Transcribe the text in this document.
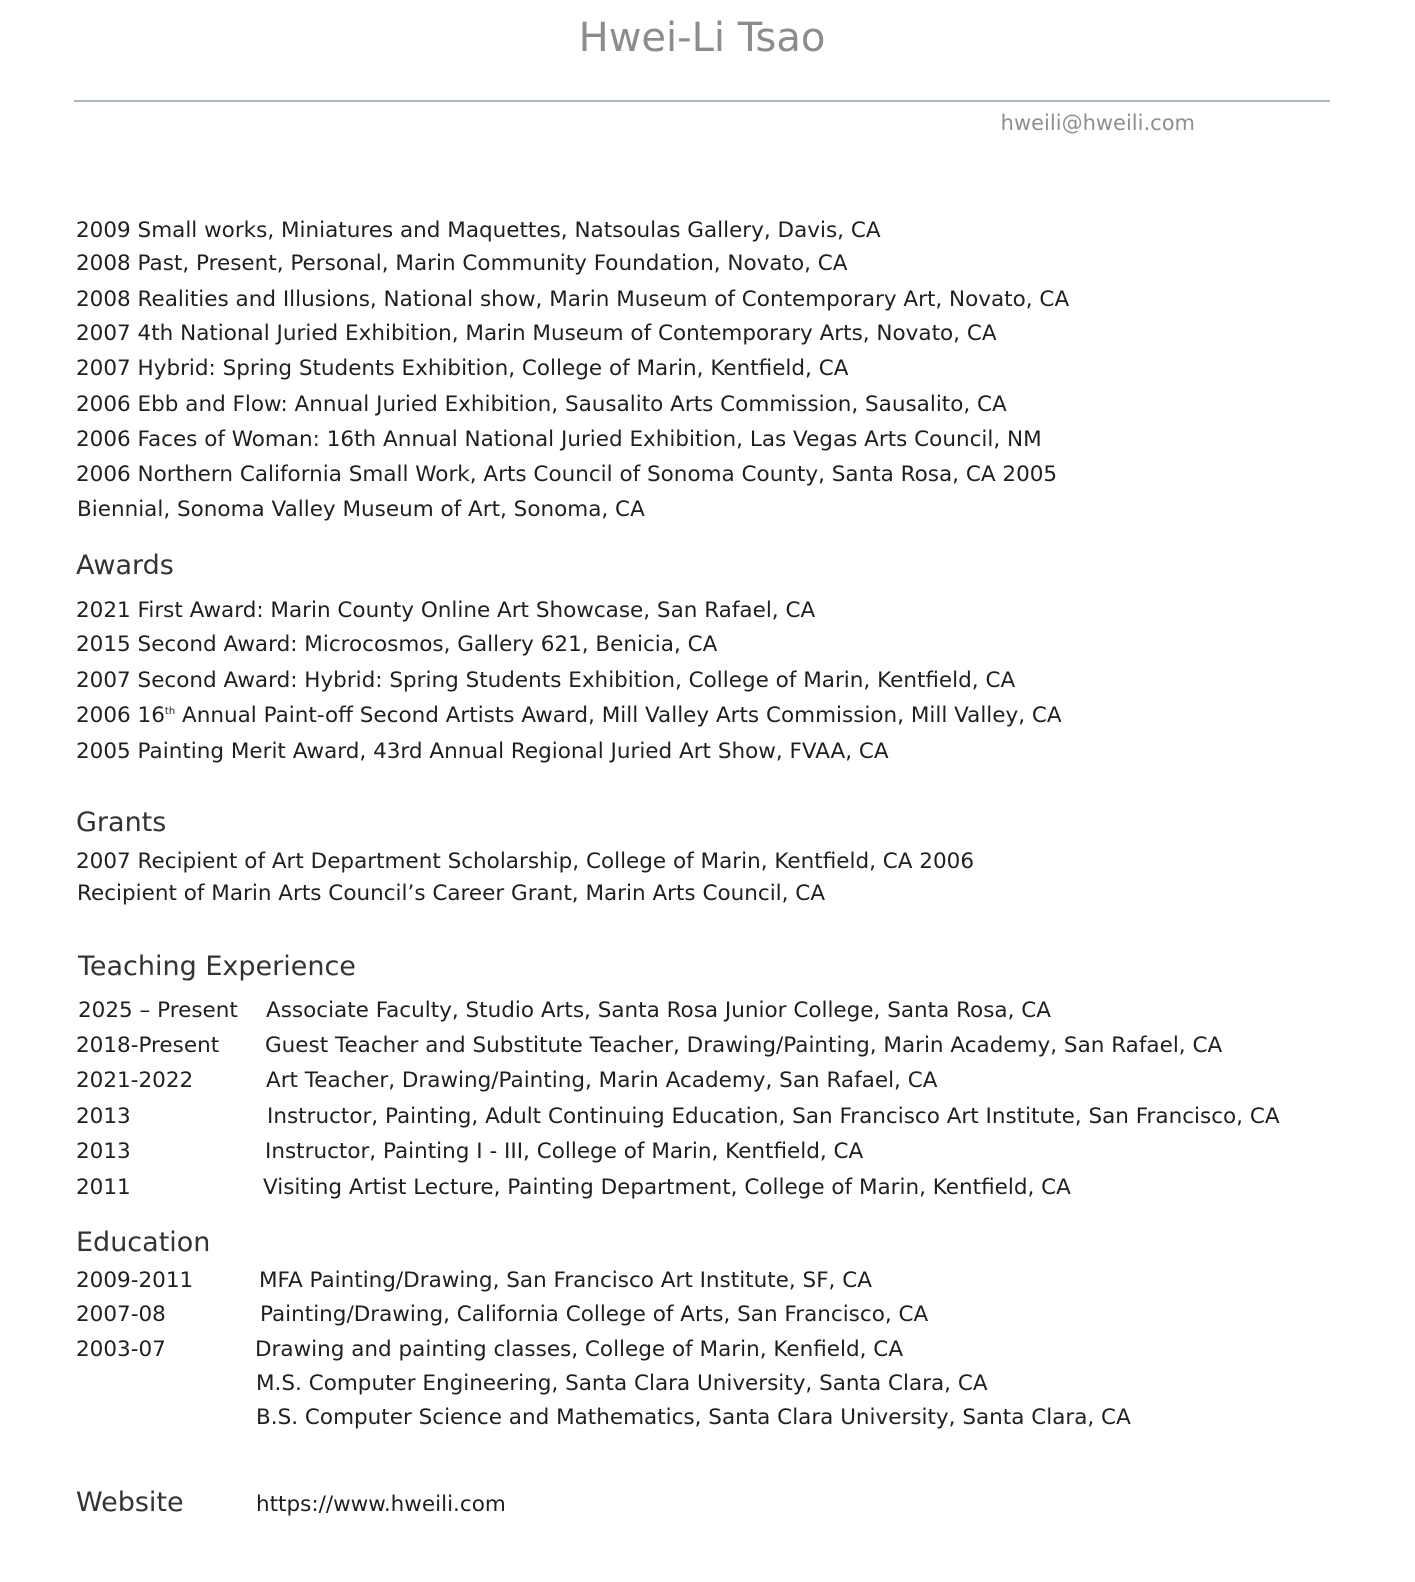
Hwei-Li Tsao
hweili@hweili.com
2009 Small works, Miniatures and Maquettes, Natsoulas Gallery, Davis, CA
2008 Past, Present, Personal, Marin Community Foundation, Novato, CA
2008 Realities and Illusions, National show, Marin Museum of Contemporary Art, Novato, CA
2007 4th National Juried Exhibition, Marin Museum of Contemporary Arts, Novato, CA
2007 Hybrid: Spring Students Exhibition, College of Marin, Kentfield, CA
2006 Ebb and Flow: Annual Juried Exhibition, Sausalito Arts Commission, Sausalito, CA
2006 Faces of Woman: 16th Annual National Juried Exhibition, Las Vegas Arts Council, NM
2006 Northern California Small Work, Arts Council of Sonoma County, Santa Rosa, CA 2005
Biennial, Sonoma Valley Museum of Art, Sonoma, CA
Awards
2021 First Award: Marin County Online Art Showcase, San Rafael, CA
2015 Second Award: Microcosmos, Gallery 621, Benicia, CA
2007 Second Award: Hybrid: Spring Students Exhibition, College of Marin, Kentfield, CA
2006 16th Annual Paint-off Second Artists Award, Mill Valley Arts Commission, Mill Valley, CA
2005 Painting Merit Award, 43rd Annual Regional Juried Art Show, FVAA, CA
Grants
2007 Recipient of Art Department Scholarship, College of Marin, Kentfield, CA 2006
Recipient of Marin Arts Council’s Career Grant, Marin Arts Council, CA
Teaching Experience
2025 – Present Associate Faculty, Studio Arts, Santa Rosa Junior College, Santa Rosa, CA
2018-Present Guest Teacher and Substitute Teacher, Drawing/Painting, Marin Academy, San Rafael, CA
2021-2022	Art Teacher, Drawing/Painting, Marin Academy, San Rafael, CA
2013	Instructor, Painting, Adult Continuing Education, San Francisco Art Institute, San Francisco, CA
2013	Instructor, Painting I - III, College of Marin, Kentfield, CA
2011	Visiting Artist Lecture, Painting Department, College of Marin, Kentfield, CA
Education
2009-2011	MFA Painting/Drawing, San Francisco Art Institute, SF, CA
2007-08	Painting/Drawing, California College of Arts, San Francisco, CA
2003-07	Drawing and painting classes, College of Marin, Kenfield, CA
M.S. Computer Engineering, Santa Clara University, Santa Clara, CA
B.S. Computer Science and Mathematics, Santa Clara University, Santa Clara, CA
Website	https://www.hweili.com
